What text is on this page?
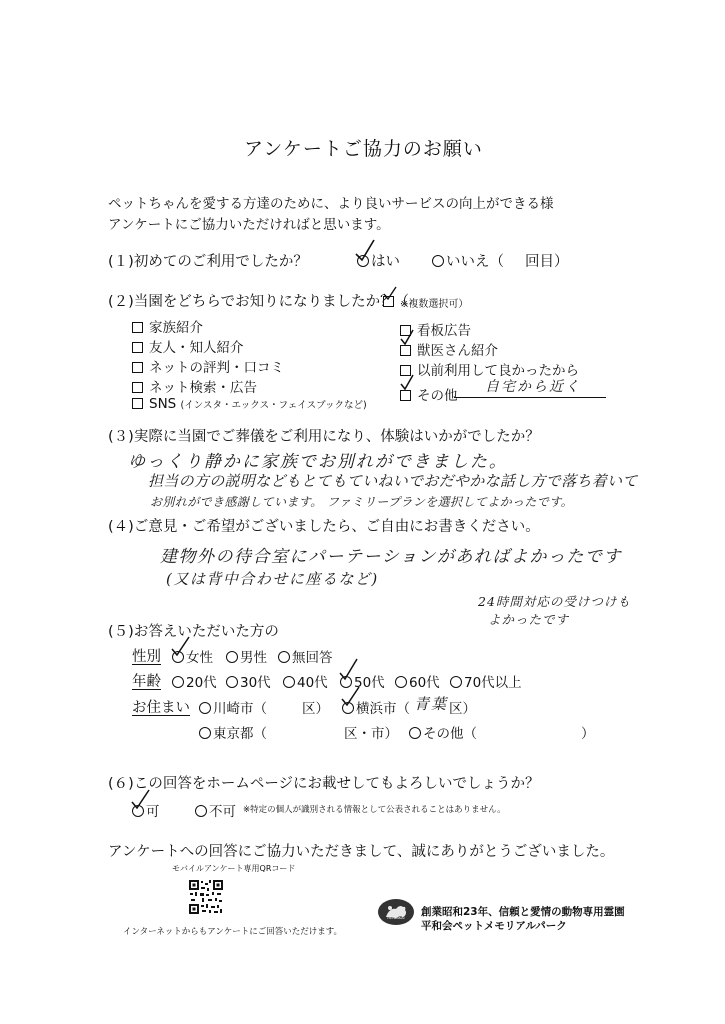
アンケートご協力のお願い
ペットちゃんを愛する方達のために、より良いサービスの向上ができる様
アンケートにご協力いただければと思います。
(１)初めてのご利用でしたか？	はい	いいえ（ 回目）
(２)当園をどちらでお知りになりましたか？（
※複数選択可）
家族紹介
友人・知人紹介
ネットの評判・口コミ
ネット検索・広告
SNS (インスタ・エックス・フェイスブックなど)
看板広告
獣医さん紹介
以前利用して良かったから
その他
自宅から近く
(３)実際に当園でご葬儀をご利用になり、体験はいかがでしたか？
ゆっくり静かに家族でお別れができました。
担当の方の説明などもとてもていねいでおだやかな話し方で落ち着いて
お別れができ感謝しています。 ファミリープランを選択してよかったです。
(４)ご意見・ご希望がございましたら、ご自由にお書きください。
建物外の待合室にパーテーションがあればよかったです
(又は背中合わせに座るなど)
24時間対応の受けつけも
よかったです
(５)お答えいただいた方の
性別	女性	男性	無回答
年齢	20代	30代	40代	50代	60代	70代以上
お住まい	川崎市（	区）	横浜市（ 青葉 区）
東京都（	区・市）	その他（	）
(６)この回答をホームページにお載せしてもよろしいでしょうか？
可	不可 ※特定の個人が識別される情報として公表されることはありません。
アンケートへの回答にご協力いただきまして、誠にありがとうございました。
モバイルアンケート専用QRコード
インターネットからもアンケートにご回答いただけます。
HEIWAKAI	創業昭和23年、信頼と愛情の動物専用霊園
平和会ペットメモリアルパーク
